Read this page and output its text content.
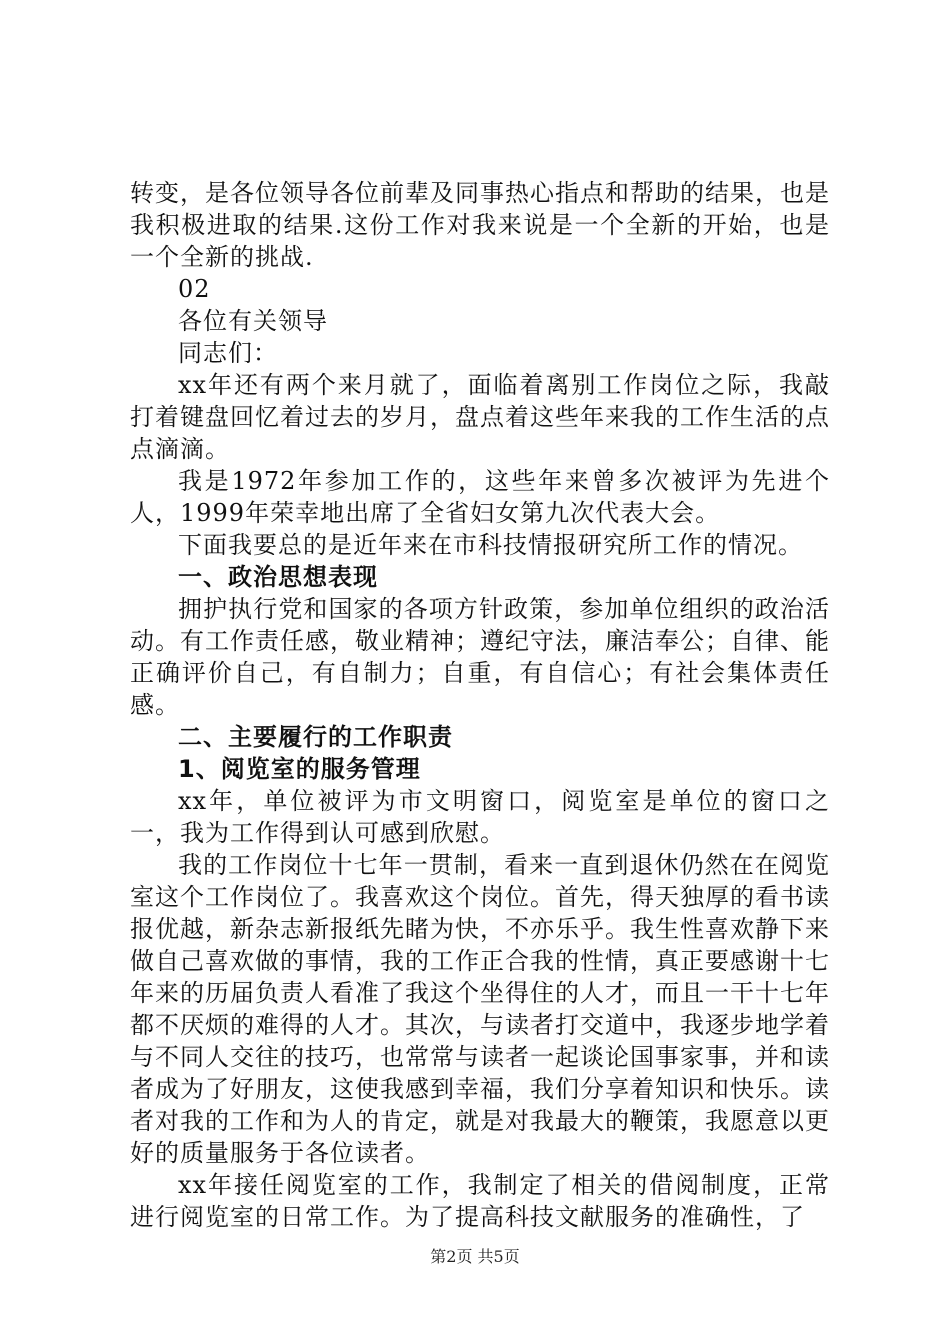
转变，是各位领导各位前辈及同事热心指点和帮助的结果，也是我积极进取的结果.这份工作对我来说是一个全新的开始，也是一个全新的挑战.

02

各位有关领导

同志们：

xx年还有两个来月就了，面临着离别工作岗位之际，我敲打着键盘回忆着过去的岁月，盘点着这些年来我的工作生活的点点滴滴。

我是1972年参加工作的，这些年来曾多次被评为先进个人，1999年荣幸地出席了全省妇女第九次代表大会。

下面我要总的是近年来在市科技情报研究所工作的情况。

一、政治思想表现

拥护执行党和国家的各项方针政策，参加单位组织的政治活动。有工作责任感，敬业精神；遵纪守法，廉洁奉公；自律、能正确评价自己，有自制力；自重，有自信心；有社会集体责任感。

二、主要履行的工作职责

1、阅览室的服务管理

xx年，单位被评为市文明窗口，阅览室是单位的窗口之一，我为工作得到认可感到欣慰。

我的工作岗位十七年一贯制，看来一直到退休仍然在在阅览室这个工作岗位了。我喜欢这个岗位。首先，得天独厚的看书读报优越，新杂志新报纸先睹为快，不亦乐乎。我生性喜欢静下来做自己喜欢做的事情，我的工作正合我的性情，真正要感谢十七年来的历届负责人看准了我这个坐得住的人才，而且一干十七年都不厌烦的难得的人才。其次，与读者打交道中，我逐步地学着与不同人交往的技巧，也常常与读者一起谈论国事家事，并和读者成为了好朋友，这使我感到幸福，我们分享着知识和快乐。读者对我的工作和为人的肯定，就是对我最大的鞭策，我愿意以更好的质量服务于各位读者。

xx年接任阅览室的工作，我制定了相关的借阅制度，正常进行阅览室的日常工作。为了提高科技文献服务的准确性，了

第2页 共5页
